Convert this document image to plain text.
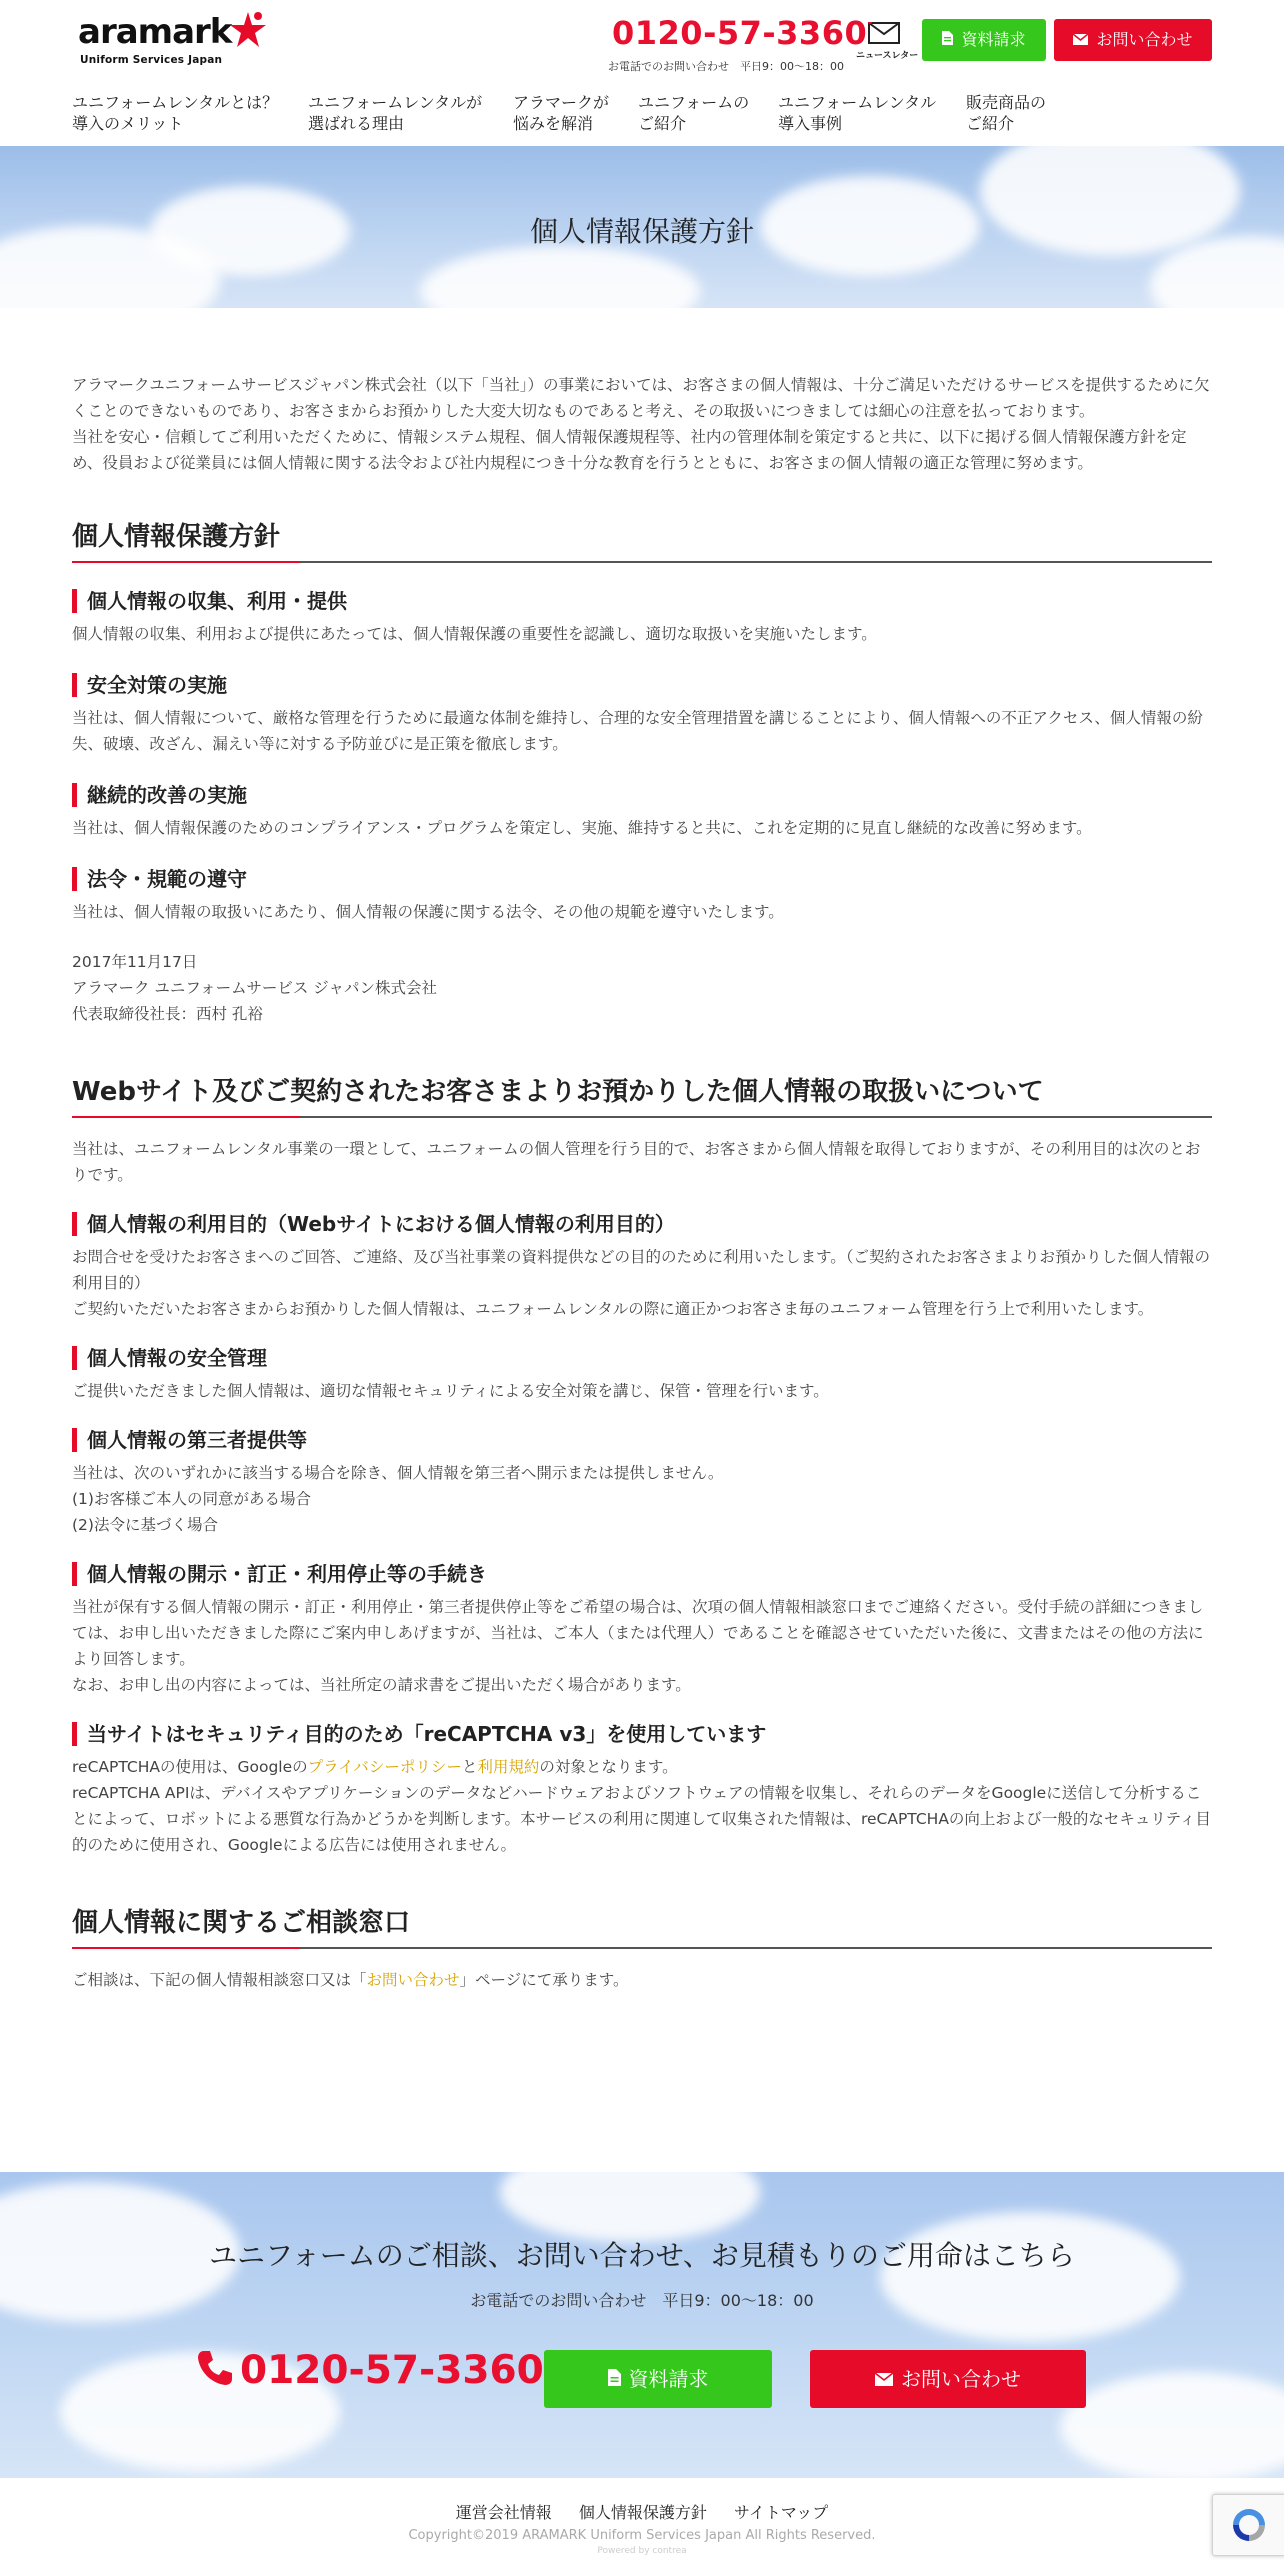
aramark
Uniform Services Japan
0120-57-3360
お電話でのお問い合わせ　平日9：00〜18：00
ニュースレター
資料請求	お問い合わせ
ユニフォームレンタルとは？
導入のメリット
ユニフォームレンタルが
選ばれる理由
アラマークが
悩みを解消
ユニフォームの
ご紹介
ユニフォームレンタル
導入事例
販売商品の
ご紹介
個人情報保護方針

アラマークユニフォームサービスジャパン株式会社（以下「当社」）の事業においては、お客さまの個人情報は、十分ご満足いただけるサービスを提供するために欠くことのできないものであり、お客さまからお預かりした大変大切なものであると考え、その取扱いにつきましては細心の注意を払っております。

当社を安心・信頼してご利用いただくために、情報システム規程、個人情報保護規程等、社内の管理体制を策定すると共に、以下に掲げる個人情報保護方針を定め、役員および従業員には個人情報に関する法令および社内規程につき十分な教育を行うとともに、お客さまの個人情報の適正な管理に努めます。

個人情報保護方針
個人情報の収集、利用・提供

個人情報の収集、利用および提供にあたっては、個人情報保護の重要性を認識し、適切な取扱いを実施いたします。

安全対策の実施

当社は、個人情報について、厳格な管理を行うために最適な体制を維持し、合理的な安全管理措置を講じることにより、個人情報への不正アクセス、個人情報の紛失、破壊、改ざん、漏えい等に対する予防並びに是正策を徹底します。

継続的改善の実施

当社は、個人情報保護のためのコンプライアンス・プログラムを策定し、実施、維持すると共に、これを定期的に見直し継続的な改善に努めます。

法令・規範の遵守

当社は、個人情報の取扱いにあたり、個人情報の保護に関する法令、その他の規範を遵守いたします。

2017年11月17日

アラマーク ユニフォームサービス ジャパン株式会社

代表取締役社長：西村 孔裕

Webサイト及びご契約されたお客さまよりお預かりした個人情報の取扱いについて

当社は、ユニフォームレンタル事業の一環として、ユニフォームの個人管理を行う目的で、お客さまから個人情報を取得しておりますが、その利用目的は次のとおりです。

個人情報の利用目的（Webサイトにおける個人情報の利用目的）

お問合せを受けたお客さまへのご回答、ご連絡、及び当社事業の資料提供などの目的のために利用いたします。（ご契約されたお客さまよりお預かりした個人情報の利用目的）

ご契約いただいたお客さまからお預かりした個人情報は、ユニフォームレンタルの際に適正かつお客さま毎のユニフォーム管理を行う上で利用いたします。

個人情報の安全管理

ご提供いただきました個人情報は、適切な情報セキュリティによる安全対策を講じ、保管・管理を行います。

個人情報の第三者提供等

当社は、次のいずれかに該当する場合を除き、個人情報を第三者へ開示または提供しません。

(1)お客様ご本人の同意がある場合

(2)法令に基づく場合

個人情報の開示・訂正・利用停止等の手続き

当社が保有する個人情報の開示・訂正・利用停止・第三者提供停止等をご希望の場合は、次項の個人情報相談窓口までご連絡ください。受付手続の詳細につきましては、お申し出いただきました際にご案内申しあげますが、当社は、ご本人（または代理人）であることを確認させていただいた後に、文書またはその他の方法により回答します。

なお、お申し出の内容によっては、当社所定の請求書をご提出いただく場合があります。

当サイトはセキュリティ目的のため「reCAPTCHA v3」を使用しています

reCAPTCHAの使用は、Googleのプライバシーポリシーと利用規約の対象となります。

reCAPTCHA APIは、デバイスやアプリケーションのデータなどハードウェアおよびソフトウェアの情報を収集し、それらのデータをGoogleに送信して分析することによって、ロボットによる悪質な行為かどうかを判断します。本サービスの利用に関連して収集された情報は、reCAPTCHAの向上および一般的なセキュリティ目的のために使用され、Googleによる広告には使用されません。

個人情報に関するご相談窓口

ご相談は、下記の個人情報相談窓口又は「お問い合わせ」ページにて承ります。

ユニフォームのご相談、お問い合わせ、お見積もりのご用命はこちら
お電話でのお問い合わせ　平日9：00〜18：00
0120-57-3360	資料請求	お問い合わせ
運営会社情報 個人情報保護方針 サイトマップ
Copyright©2019 ARAMARK Uniform Services Japan All Rights Reserved.
Powered by contrea
